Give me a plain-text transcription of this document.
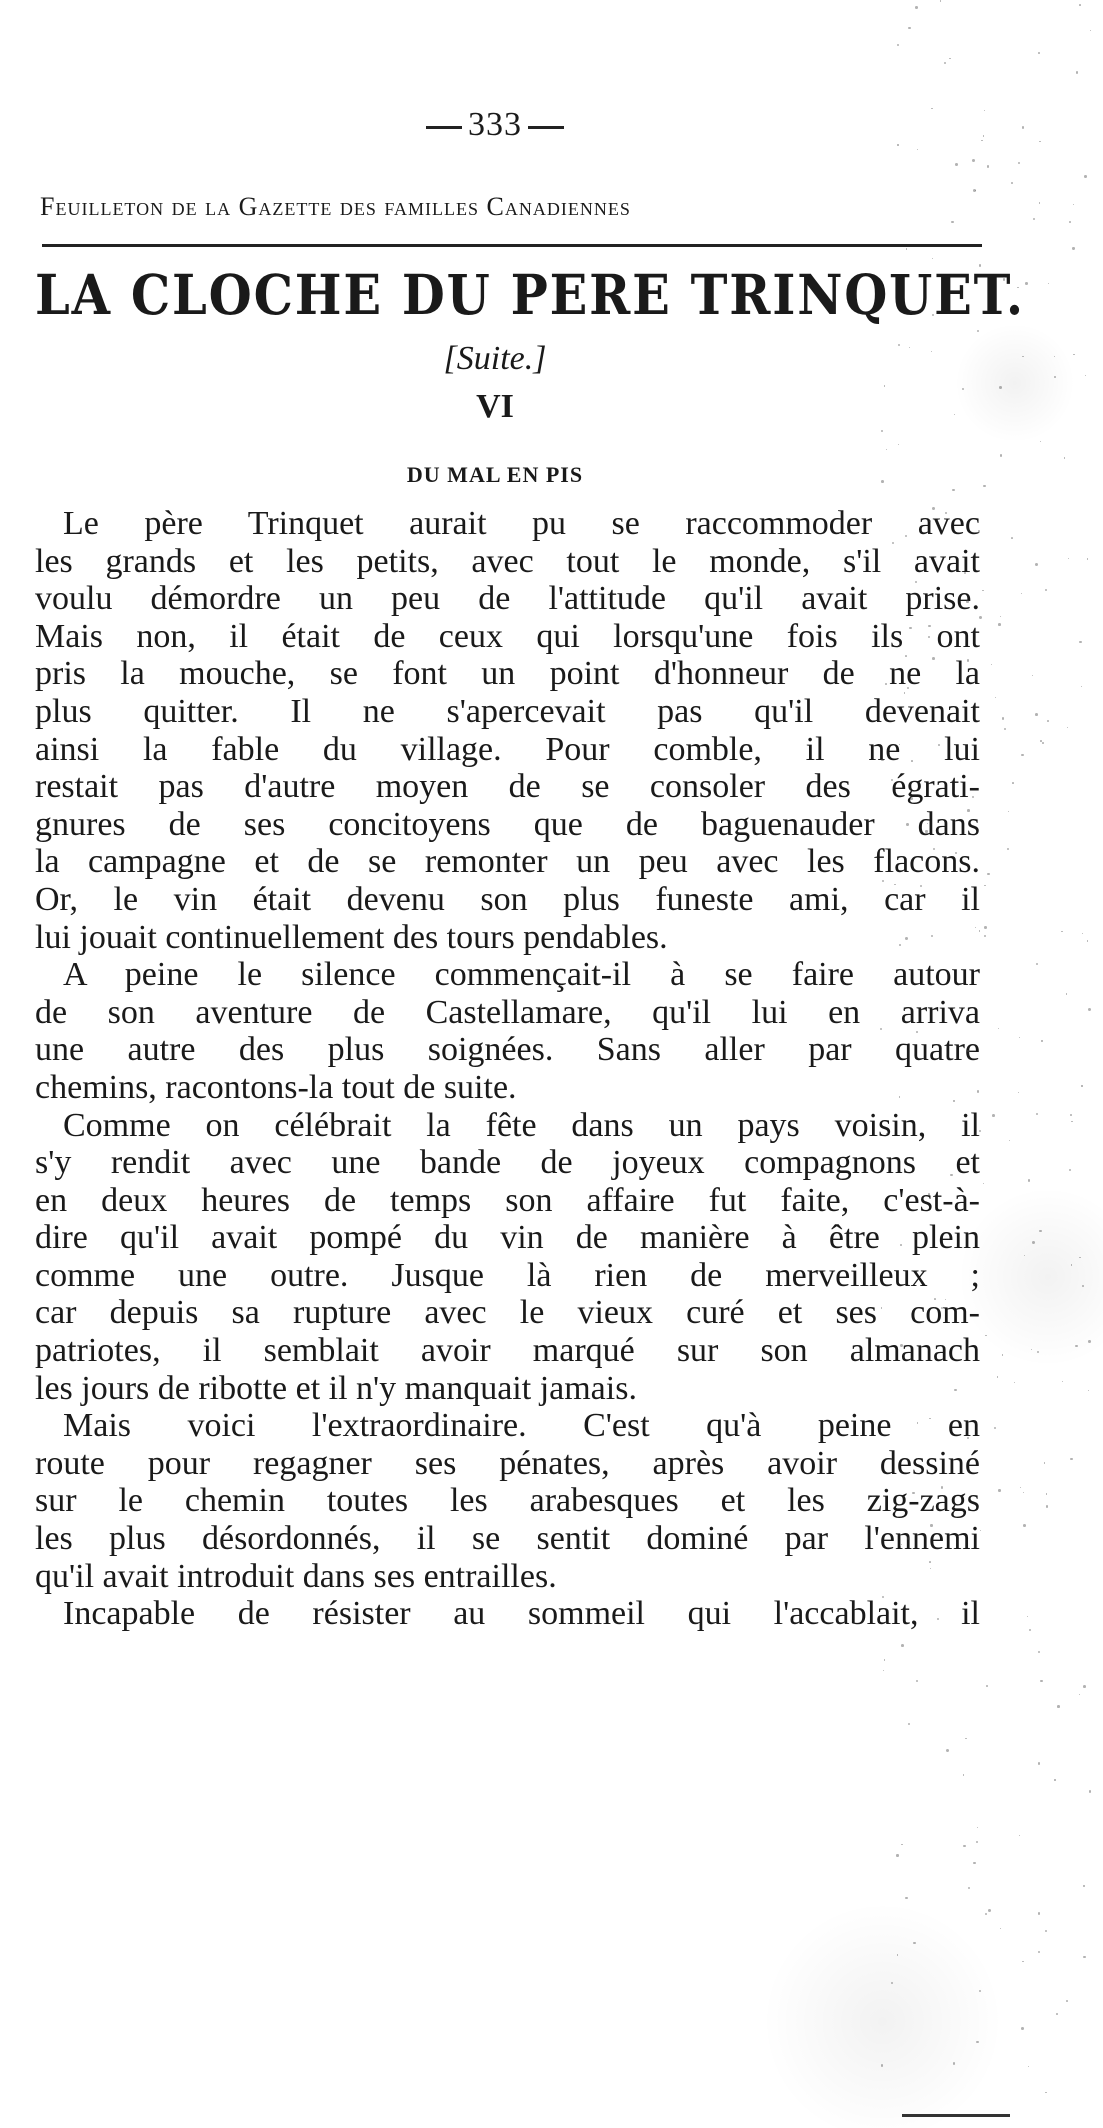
333
Feuilleton de la Gazette des familles Canadiennes
LA CLOCHE DU PERE TRINQUET.
[Suite.]
VI
DU MAL EN PIS
Le père Trinquet aurait pu se raccommoder avec
les grands et les petits, avec tout le monde, s'il avait
voulu démordre un peu de l'attitude qu'il avait prise.
Mais non, il était de ceux qui lorsqu'une fois ils ont
pris la mouche, se font un point d'honneur de ne la
plus quitter. Il ne s'apercevait pas qu'il devenait
ainsi la fable du village. Pour comble, il ne lui
restait pas d'autre moyen de se consoler des égrati-
gnures de ses concitoyens que de baguenauder dans
la campagne et de se remonter un peu avec les flacons.
Or, le vin était devenu son plus funeste ami, car il
lui jouait continuellement des tours pendables.
A peine le silence commençait-il à se faire autour
de son aventure de Castellamare, qu'il lui en arriva
une autre des plus soignées. Sans aller par quatre
chemins, racontons-la tout de suite.
Comme on célébrait la fête dans un pays voisin, il
s'y rendit avec une bande de joyeux compagnons et
en deux heures de temps son affaire fut faite, c'est-à-
dire qu'il avait pompé du vin de manière à être plein
comme une outre. Jusque là rien de merveilleux ;
car depuis sa rupture avec le vieux curé et ses com-
patriotes, il semblait avoir marqué sur son almanach
les jours de ribotte et il n'y manquait jamais.
Mais voici l'extraordinaire. C'est qu'à peine en
route pour regagner ses pénates, après avoir dessiné
sur le chemin toutes les arabesques et les zig-zags
les plus désordonnés, il se sentit dominé par l'ennemi
qu'il avait introduit dans ses entrailles.
Incapable de résister au sommeil qui l'accablait, il
